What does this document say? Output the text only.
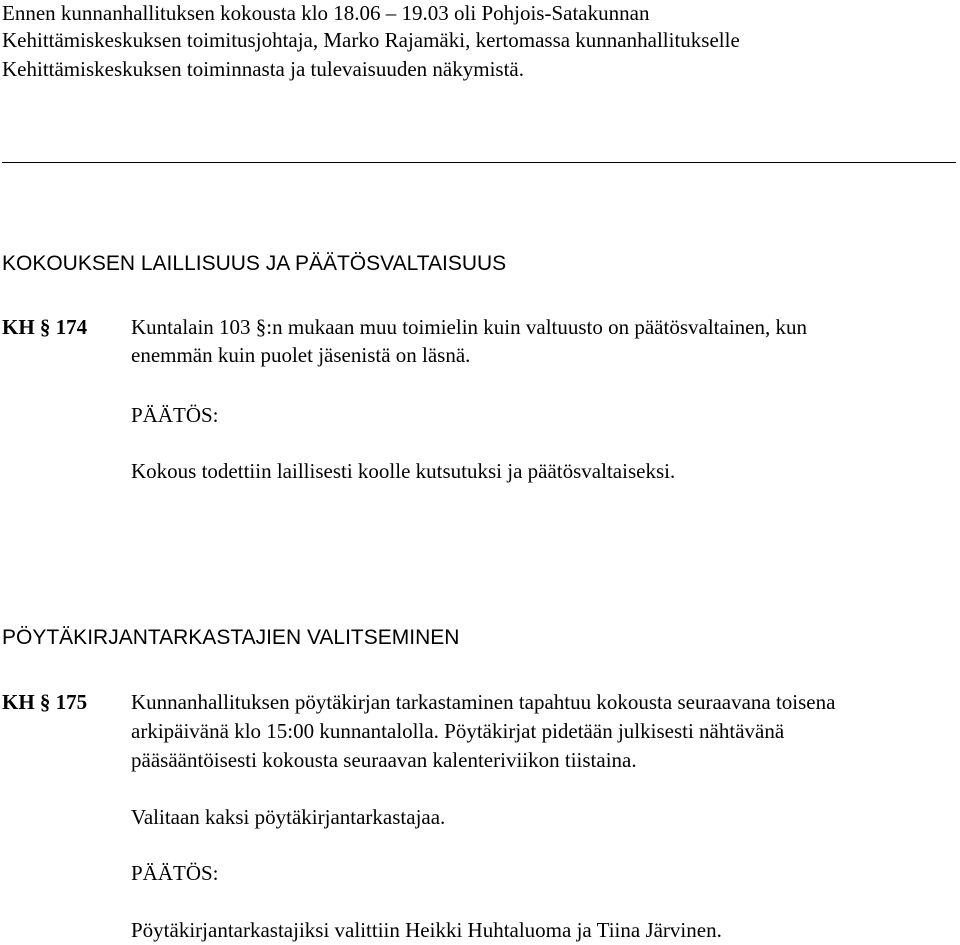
Ennen kunnanhallituksen kokousta klo 18.06 – 19.03 oli Pohjois-Satakunnan
Kehittämiskeskuksen toimitusjohtaja, Marko Rajamäki, kertomassa kunnanhallitukselle
Kehittämiskeskuksen toiminnasta ja tulevaisuuden näkymistä.
KOKOUKSEN LAILLISUUS JA PÄÄTÖSVALTAISUUS
KH § 174 Kuntalain 103 §:n mukaan muu toimielin kuin valtuusto on päätösvaltainen, kun
enemmän kuin puolet jäsenistä on läsnä.
PÄÄTÖS:
Kokous todettiin laillisesti koolle kutsutuksi ja päätösvaltaiseksi.
PÖYTÄKIRJANTARKASTAJIEN VALITSEMINEN
KH § 175 Kunnanhallituksen pöytäkirjan tarkastaminen tapahtuu kokousta seuraavana toisena
arkipäivänä klo 15:00 kunnantalolla. Pöytäkirjat pidetään julkisesti nähtävänä
pääsääntöisesti kokousta seuraavan kalenteriviikon tiistaina.
Valitaan kaksi pöytäkirjantarkastajaa.
PÄÄTÖS:
Pöytäkirjantarkastajiksi valittiin Heikki Huhtaluoma ja Tiina Järvinen.
